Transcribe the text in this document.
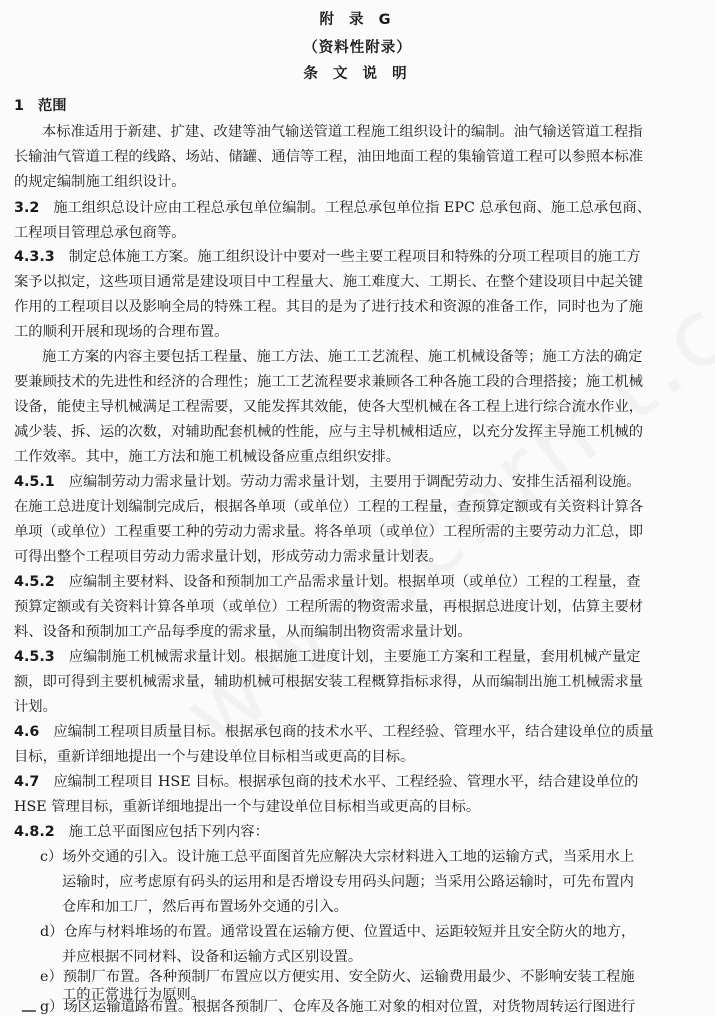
附 录 G
（资料性附录）
条 文 说 明
1 范围
本标准适用于新建、扩建、改建等油气输送管道工程施工组织设计的编制。油气输送管道工程指
长输油气管道工程的线路、场站、储罐、通信等工程，油田地面工程的集输管道工程可以参照本标准
的规定编制施工组织设计。
3.2 施工组织总设计应由工程总承包单位编制。工程总承包单位指 EPC 总承包商、施工总承包商、
工程项目管理总承包商等。
4.3.3 制定总体施工方案。施工组织设计中要对一些主要工程项目和特殊的分项工程项目的施工方
案予以拟定，这些项目通常是建设项目中工程量大、施工难度大、工期长、在整个建设项目中起关键
作用的工程项目以及影响全局的特殊工程。其目的是为了进行技术和资源的准备工作，同时也为了施
工的顺利开展和现场的合理布置。
施工方案的内容主要包括工程量、施工方法、施工工艺流程、施工机械设备等；施工方法的确定
要兼顾技术的先进性和经济的合理性；施工工艺流程要求兼顾各工种各施工段的合理搭接；施工机械
设备，能使主导机械满足工程需要，又能发挥其效能，使各大型机械在各工程上进行综合流水作业，
减少装、拆、运的次数，对辅助配套机械的性能，应与主导机械相适应，以充分发挥主导施工机械的
工作效率。其中，施工方法和施工机械设备应重点组织安排。
4.5.1 应编制劳动力需求量计划。劳动力需求量计划，主要用于调配劳动力、安排生活福利设施。
在施工总进度计划编制完成后，根据各单项（或单位）工程的工程量，查预算定额或有关资料计算各
单项（或单位）工程重要工种的劳动力需求量。将各单项（或单位）工程所需的主要劳动力汇总，即
可得出整个工程项目劳动力需求量计划，形成劳动力需求量计划表。
4.5.2 应编制主要材料、设备和预制加工产品需求量计划。根据单项（或单位）工程的工程量，查
预算定额或有关资料计算各单项（或单位）工程所需的物资需求量，再根据总进度计划，估算主要材
料、设备和预制加工产品每季度的需求量，从而编制出物资需求量计划。
4.5.3 应编制施工机械需求量计划。根据施工进度计划，主要施工方案和工程量，套用机械产量定
额，即可得到主要机械需求量，辅助机械可根据安装工程概算指标求得，从而编制出施工机械需求量
计划。
4.6 应编制工程项目质量目标。根据承包商的技术水平、工程经验、管理水平，结合建设单位的质量
目标，重新详细地提出一个与建设单位目标相当或更高的目标。
4.7 应编制工程项目 HSE 目标。根据承包商的技术水平、工程经验、管理水平，结合建设单位的
HSE 管理目标，重新详细地提出一个与建设单位目标相当或更高的目标。
4.8.2 施工总平面图应包括下列内容：
c）场外交通的引入。设计施工总平面图首先应解决大宗材料进入工地的运输方式，当采用水上
运输时，应考虑原有码头的运用和是否增设专用码头问题；当采用公路运输时，可先布置内
仓库和加工厂，然后再布置场外交通的引入。
d）仓库与材料堆场的布置。通常设置在运输方便、位置适中、运距较短并且安全防火的地方，
并应根据不同材料、设备和运输方式区别设置。
e）预制厂布置。各种预制厂布置应以方便实用、安全防火、运输费用最少、不影响安装工程施
工的正常进行为原则。
g）场区运输道路布置。根据各预制厂、仓库及各施工对象的相对位置，对货物周转运行图进行
